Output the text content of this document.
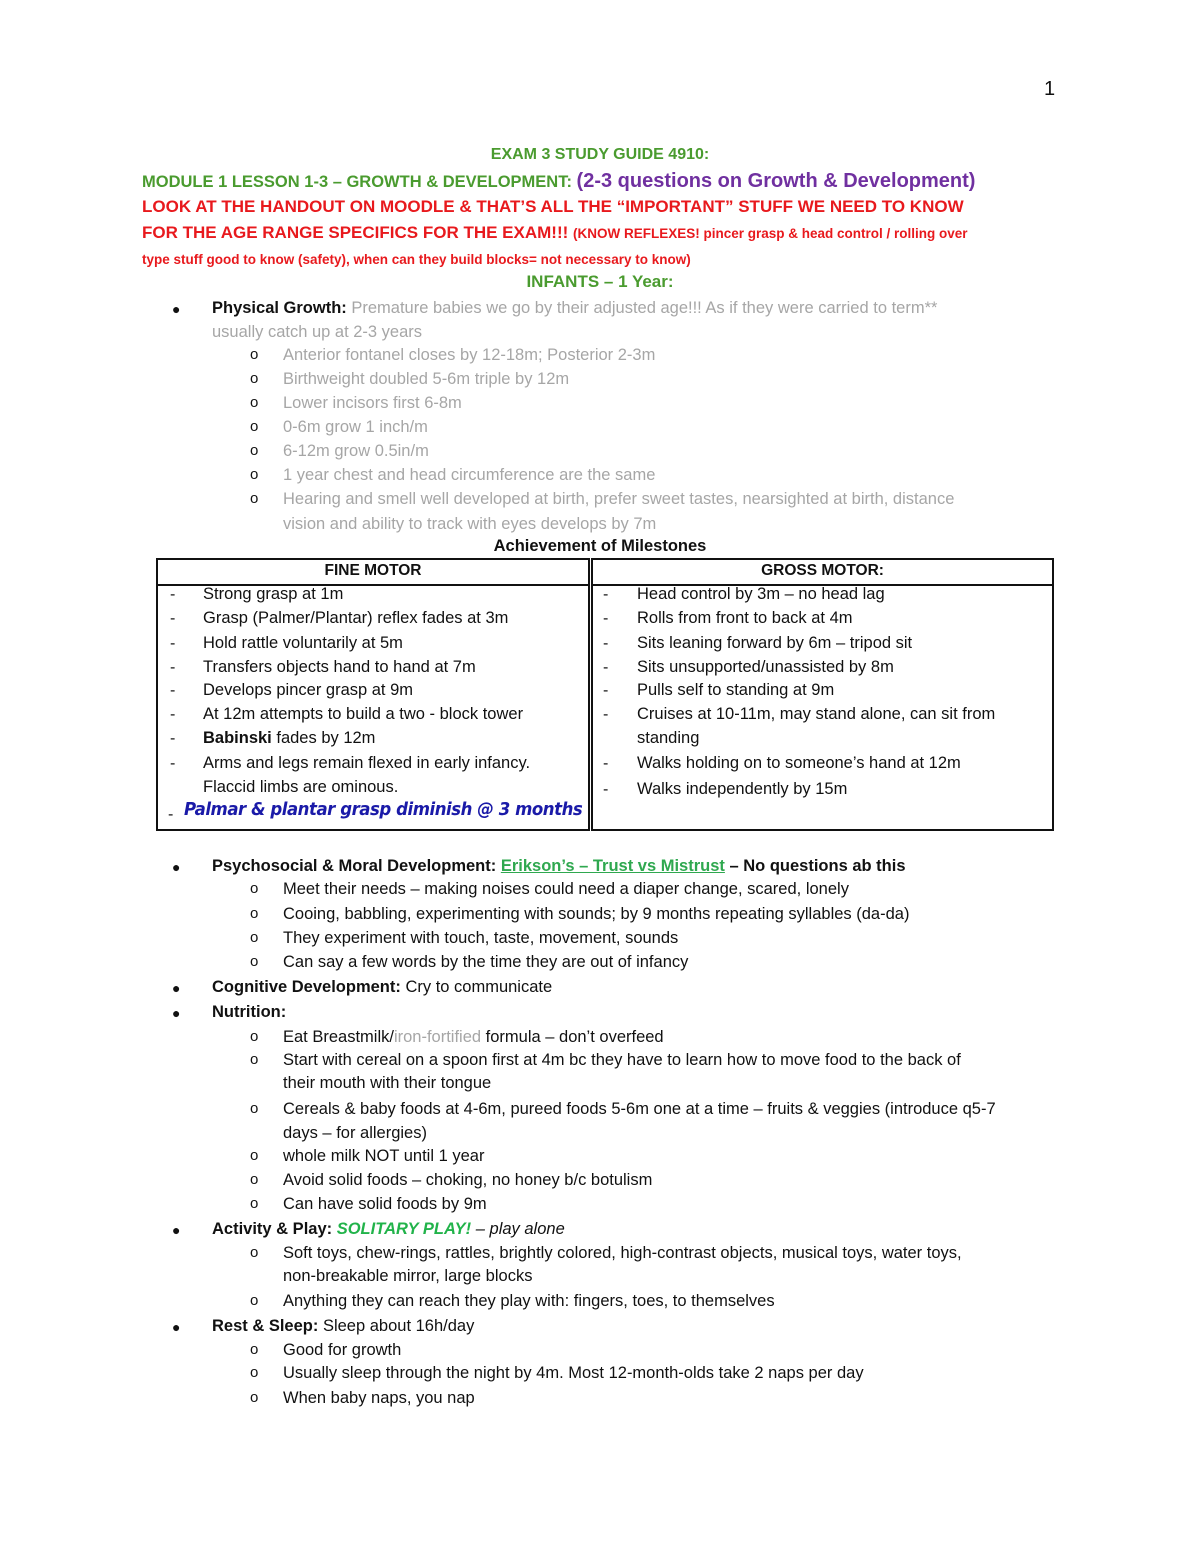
1
EXAM 3 STUDY GUIDE 4910:
MODULE 1 LESSON 1-3 – GROWTH & DEVELOPMENT: (2-3 questions on Growth & Development)
LOOK AT THE HANDOUT ON MOODLE & THAT’S ALL THE “IMPORTANT” STUFF WE NEED TO KNOW
FOR THE AGE RANGE SPECIFICS FOR THE EXAM!!! (KNOW REFLEXES! pincer grasp & head control / rolling over
type stuff good to know (safety), when can they build blocks= not necessary to know)
INFANTS – 1 Year:
● Physical Growth: Premature babies we go by their adjusted age!!! As if they were carried to term**
usually catch up at 2-3 years
o Anterior fontanel closes by 12-18m; Posterior 2-3m
o Birthweight doubled 5-6m triple by 12m
o Lower incisors first 6-8m
o 0-6m grow 1 inch/m
o 6-12m grow 0.5in/m
o 1 year chest and head circumference are the same
o Hearing and smell well developed at birth, prefer sweet tastes, nearsighted at birth, distance
vision and ability to track with eyes develops by 7m
Achievement of Milestones
FINE MOTOR	GROSS MOTOR:
- Strong grasp at 1m
- Grasp (Palmer/Plantar) reflex fades at 3m
- Hold rattle voluntarily at 5m
- Transfers objects hand to hand at 7m
- Develops pincer grasp at 9m
- At 12m attempts to build a two - block tower
- Babinski fades by 12m
- Arms and legs remain flexed in early infancy.
Flaccid limbs are ominous.
- Palmar & plantar grasp diminish @ 3 months
- Head control by 3m – no head lag
- Rolls from front to back at 4m
- Sits leaning forward by 6m – tripod sit
- Sits unsupported/unassisted by 8m
- Pulls self to standing at 9m
- Cruises at 10-11m, may stand alone, can sit from
standing
- Walks holding on to someone’s hand at 12m
- Walks independently by 15m
● Psychosocial & Moral Development: Erikson’s – Trust vs Mistrust – No questions ab this
o Meet their needs – making noises could need a diaper change, scared, lonely
o Cooing, babbling, experimenting with sounds; by 9 months repeating syllables (da-da)
o They experiment with touch, taste, movement, sounds
o Can say a few words by the time they are out of infancy
● Cognitive Development: Cry to communicate
● Nutrition:
o Eat Breastmilk/iron-fortified formula – don’t overfeed
o Start with cereal on a spoon first at 4m bc they have to learn how to move food to the back of
their mouth with their tongue
o Cereals & baby foods at 4-6m, pureed foods 5-6m one at a time – fruits & veggies (introduce q5-7
days – for allergies)
o whole milk NOT until 1 year
o Avoid solid foods – choking, no honey b/c botulism
o Can have solid foods by 9m
● Activity & Play: SOLITARY PLAY! – play alone
o Soft toys, chew-rings, rattles, brightly colored, high-contrast objects, musical toys, water toys,
non-breakable mirror, large blocks
o Anything they can reach they play with: fingers, toes, to themselves
● Rest & Sleep: Sleep about 16h/day
o Good for growth
o Usually sleep through the night by 4m. Most 12-month-olds take 2 naps per day
o When baby naps, you nap
